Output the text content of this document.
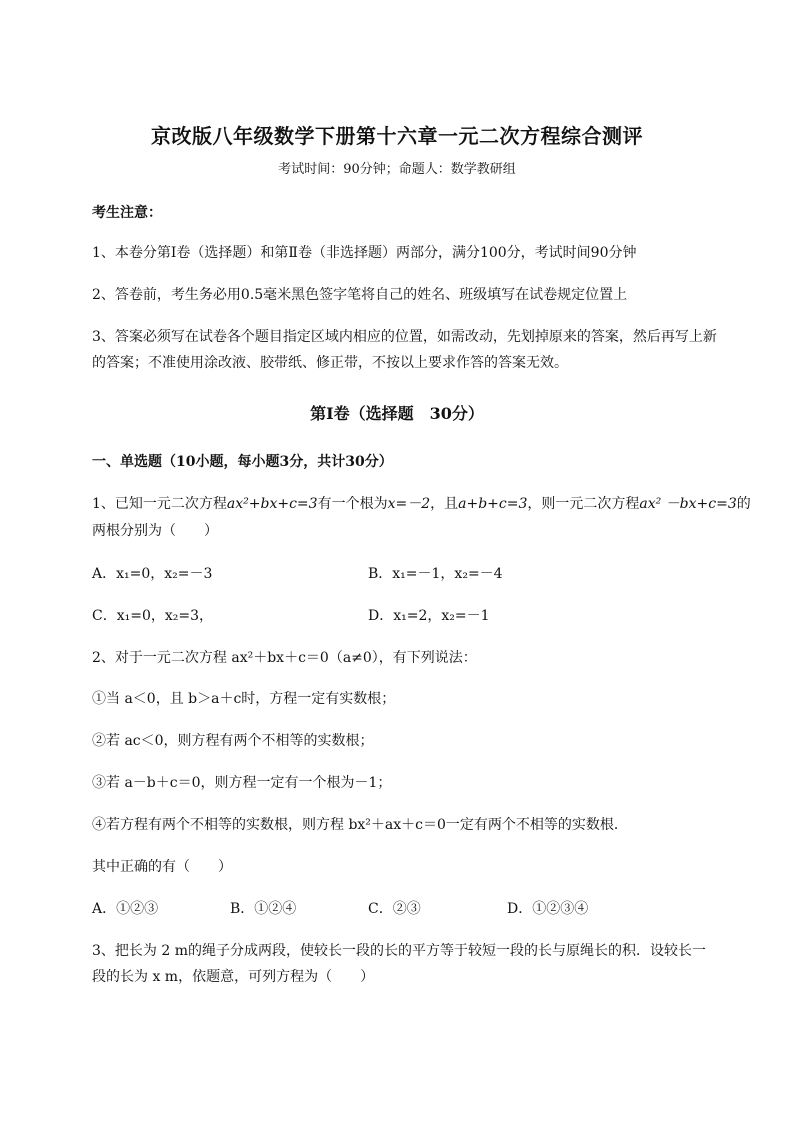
京改版八年级数学下册第十六章一元二次方程综合测评
考试时间：90分钟；命题人：数学教研组
考生注意：
1、本卷分第I卷（选择题）和第Ⅱ卷（非选择题）两部分，满分100分，考试时间90分钟
2、答卷前，考生务必用0.5毫米黑色签字笔将自己的姓名、班级填写在试卷规定位置上
3、答案必须写在试卷各个题目指定区域内相应的位置，如需改动，先划掉原来的答案，然后再写上新
的答案；不准使用涂改液、胶带纸、修正带，不按以上要求作答的答案无效。
第I卷（选择题　30分）
一、单选题（10小题，每小题3分，共计30分）
1、已知一元二次方程ax²+bx+c=3有一个根为x=－2，且a+b+c=3，则一元二次方程ax² －bx+c=3的
两根分别为（　　）
A．x₁=0，x₂=－3	B．x₁=－1，x₂=－4
C．x₁=0，x₂=3，	D．x₁=2，x₂=－1
2、对于一元二次方程 ax²＋bx＋c＝0（a≠0），有下列说法：
①当 a＜0，且 b＞a＋c时，方程一定有实数根；
②若 ac＜0，则方程有两个不相等的实数根；
③若 a－b＋c＝0，则方程一定有一个根为－1；
④若方程有两个不相等的实数根，则方程 bx²＋ax＋c＝0一定有两个不相等的实数根．
其中正确的有（　　）
A．①②③	B．①②④	C．②③	D．①②③④
3、把长为 2 m的绳子分成两段，使较长一段的长的平方等于较短一段的长与原绳长的积．设较长一
段的长为 x m，依题意，可列方程为（　　）
